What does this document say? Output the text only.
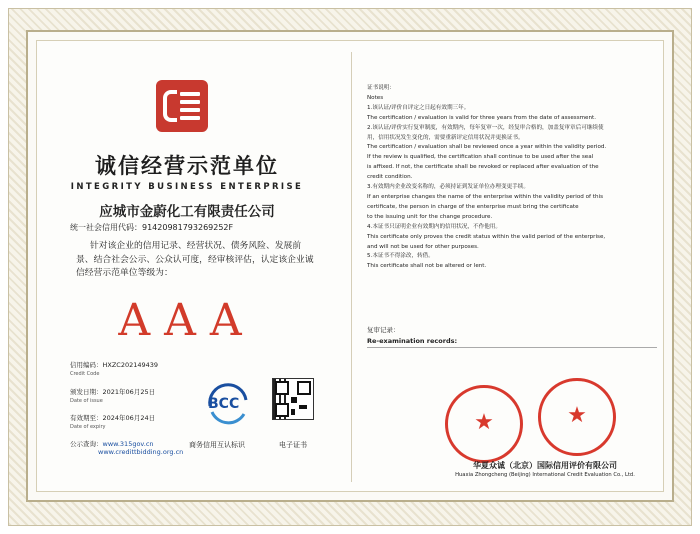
诚信经营示范单位
INTEGRITY BUSINESS ENTERPRISE
应城市金蔚化工有限责任公司
统一社会信用代码：91420981793269252F
针对该企业的信用记录、经营状况、债务风险、发展前景、结合社会公示、公众认可度，经审核评估，认定该企业诚信经营示范单位等级为：
AAA
信用编码：HXZC202149439
Credit Code
颁发日期：2021年06月25日
Date of issue
有效期至：2024年06月24日
Date of expiry
公示查询：www.315gov.cn
www.credittbidding.org.cn
BCC
商务信用互认标识	电子证书
证书说明：
Notes
1.该认证/评价自评定之日起有效期三年。
The certification / evaluation is valid for three years from the date of assessment.
2.该认证/评价实行复审制度，有效期内，每年复审一次，经复审合格的，加盖复审章后可继续使
用，信用状况发生变化的，需要重新评定信用状况并更换证书。
The certification / evaluation shall be reviewed once a year within the validity period.
If the review is qualified, the certification shall continue to be used after the seal
is affixed. If not, the certificate shall be revoked or replaced after evaluation of the
credit condition.
3.有效期内企业改变名称的，必须持证到发证单位办理变更手续。
If an enterprise changes the name of the enterprise within the validity period of this
certificate, the person in charge of the enterprise must bring the certificate
to the issuing unit for the change procedure.
4.本证书只证明企业有效期内的信用状况，不作他用。
This certificate only proves the credit status within the valid period of the enterprise,
and will not be used for other purposes.
5.本证书不得涂改，转借。
This certificate shall not be altered or lent.
复审记录：
Re-examination records:
★	★
华夏众诚（北京）国际信用评价有限公司
Huaxia Zhongcheng (Beijing) International Credit Evaluation Co., Ltd.
